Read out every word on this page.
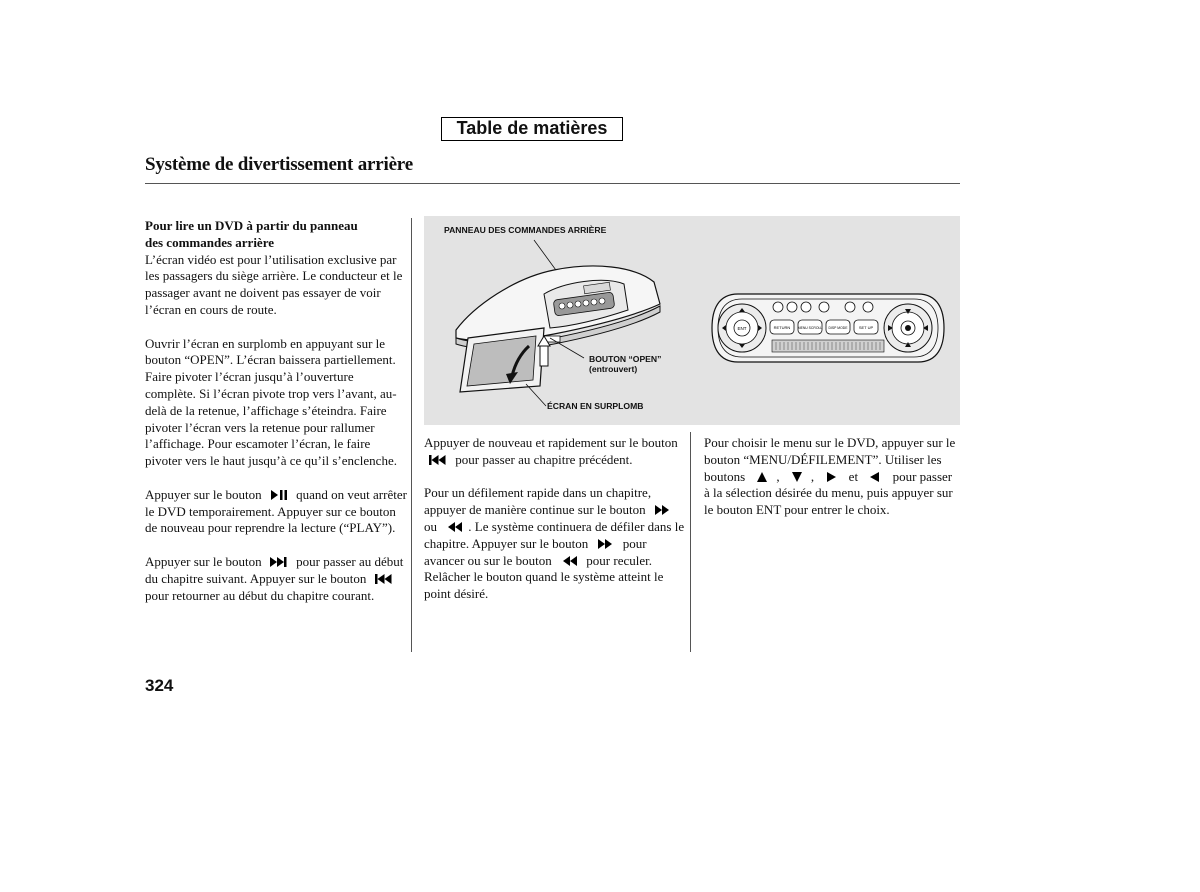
Table de matières
Système de divertissement arrière
Pour lire un DVD à partir du panneau
des commandes arrière

L’écran vidéo est pour l’utilisation exclusive par les passagers du siège arrière. Le conducteur et le passager avant ne doivent pas essayer de voir l’écran en cours de route.

Ouvrir l’écran en surplomb en appuyant sur le bouton “OPEN”. L’écran baissera partiellement. Faire pivoter l’écran jusqu’à l’ouverture complète. Si l’écran pivote trop vers l’avant, au-delà de la retenue, l’affichage s’éteindra. Faire pivoter l’écran vers la retenue pour rallumer l’affichage. Pour escamoter l’écran, le faire pivoter vers le haut jusqu’à ce qu’il s’enclenche.

Appuyer sur le bouton	quand on veut arrêter le DVD temporairement. Appuyer sur ce bouton de nouveau pour reprendre la lecture (“PLAY”).

Appuyer sur le bouton	pour passer au début du chapitre suivant. Appuyer sur le bouton
pour retourner au début du chapitre courant.

PANNEAU DES COMMANDES ARRIÈRE
BOUTON “OPEN”
(entrouvert)
ÉCRAN EN SURPLOMB
ENT	RETURN MENU SCROLL DISP MODE	SET UP

Appuyer de nouveau et rapidement sur le bouton
pour passer au chapitre précédent.

Pour un défilement rapide dans un chapitre, appuyer de manière continue sur le bouton
ou . Le système continuera de défiler dans le chapitre. Appuyer sur le bouton	pour avancer ou sur le bouton	pour reculer. Relâcher le bouton quand le système atteint le point désiré.

Pour choisir le menu sur le DVD, appuyer sur le bouton “MENU/DÉFILEMENT”. Utiliser les boutons , ,	et	pour passer à la sélection désirée du menu, puis appuyer sur le bouton ENT pour entrer le choix.

324
